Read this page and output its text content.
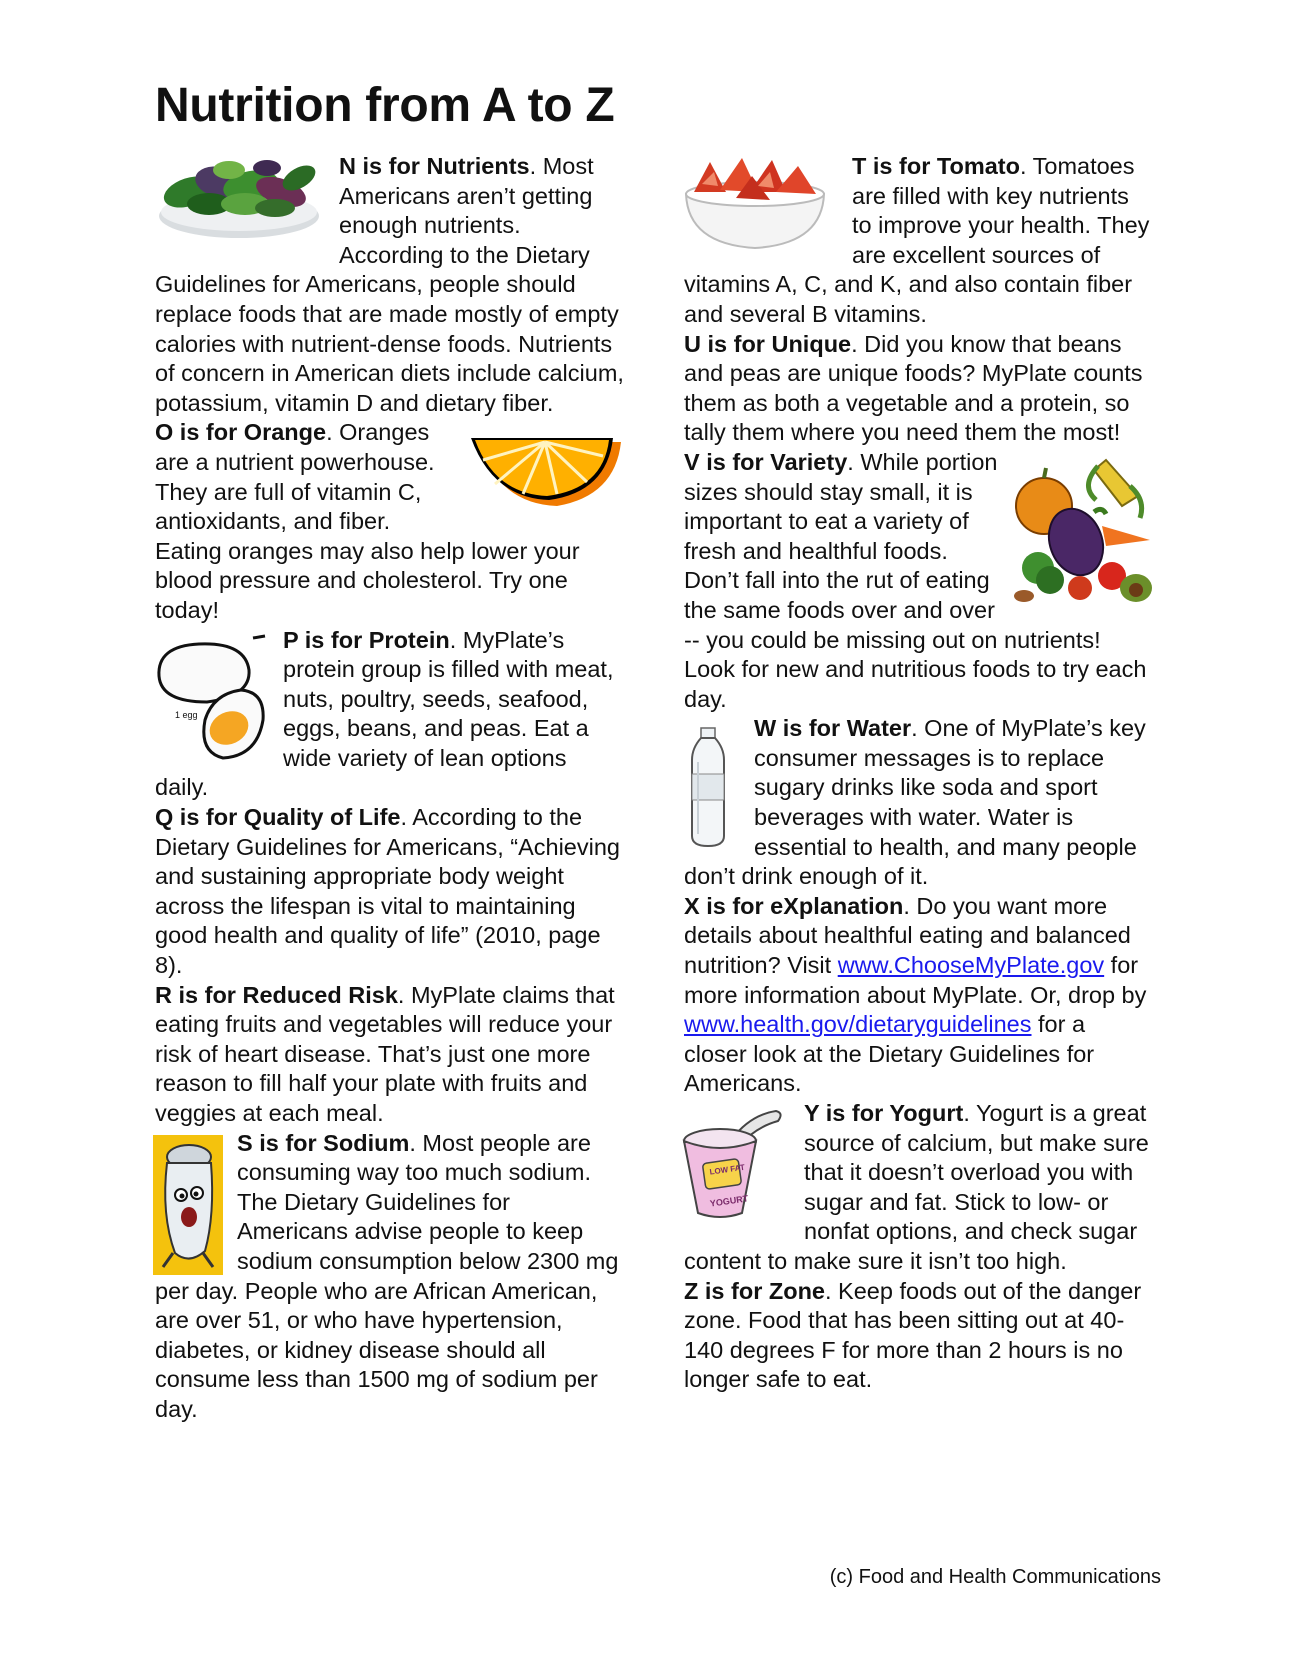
Nutrition from A to Z

N is for Nutrients. Most Americans aren’t getting enough nutrients. According to the Dietary Guidelines for Americans, people should replace foods that are made mostly of empty calories with nutrient-dense foods. Nutrients of concern in American diets include calcium, potassium, vitamin D and dietary fiber.

O is for Orange. Oranges are a nutrient powerhouse. They are full of vitamin C, antioxidants, and fiber. Eating oranges may also help lower your blood pressure and cholesterol. Try one today!

1 egg

P is for Protein. MyPlate’s protein group is filled with meat, nuts, poultry, seeds, seafood, eggs, beans, and peas. Eat a wide variety of lean options daily.

Q is for Quality of Life. According to the Dietary Guidelines for Americans, “Achieving and sustaining appropriate body weight across the lifespan is vital to maintaining good health and quality of life” (2010, page 8).

R is for Reduced Risk. MyPlate claims that eating fruits and vegetables will reduce your risk of heart disease. That’s just one more reason to fill half your plate with fruits and veggies at each meal.

S is for Sodium. Most people are consuming way too much sodium. The Dietary Guidelines for Americans advise people to keep sodium consumption below 2300 mg per day. People who are African American, are over 51, or who have hypertension, diabetes, or kidney disease should all consume less than 1500 mg of sodium per day.

T is for Tomato. Tomatoes are filled with key nutrients to improve your health. They are excellent sources of vitamins A, C, and K, and also contain fiber and several B vitamins.

U is for Unique. Did you know that beans and peas are unique foods? MyPlate counts them as both a vegetable and a protein, so tally them where you need them the most!

V is for Variety. While portion sizes should stay small, it is important to eat a variety of fresh and healthful foods. Don’t fall into the rut of eating the same foods over and over -- you could be missing out on nutrients! Look for new and nutritious foods to try each day.

W is for Water. One of MyPlate’s key consumer messages is to replace sugary drinks like soda and sport beverages with water. Water is essential to health, and many people don’t drink enough of it.

X is for eXplanation. Do you want more details about healthful eating and balanced nutrition? Visit www.ChooseMyPlate.gov for more information about MyPlate. Or, drop by www.health.gov/dietaryguidelines for a closer look at the Dietary Guidelines for Americans.

LOW FAT
YOGURT

Y is for Yogurt. Yogurt is a great source of calcium, but make sure that it doesn’t overload you with sugar and fat. Stick to low- or nonfat options, and check sugar content to make sure it isn’t too high.

Z is for Zone. Keep foods out of the danger zone. Food that has been sitting out at 40-140 degrees F for more than 2 hours is no longer safe to eat.

(c) Food and Health Communications
